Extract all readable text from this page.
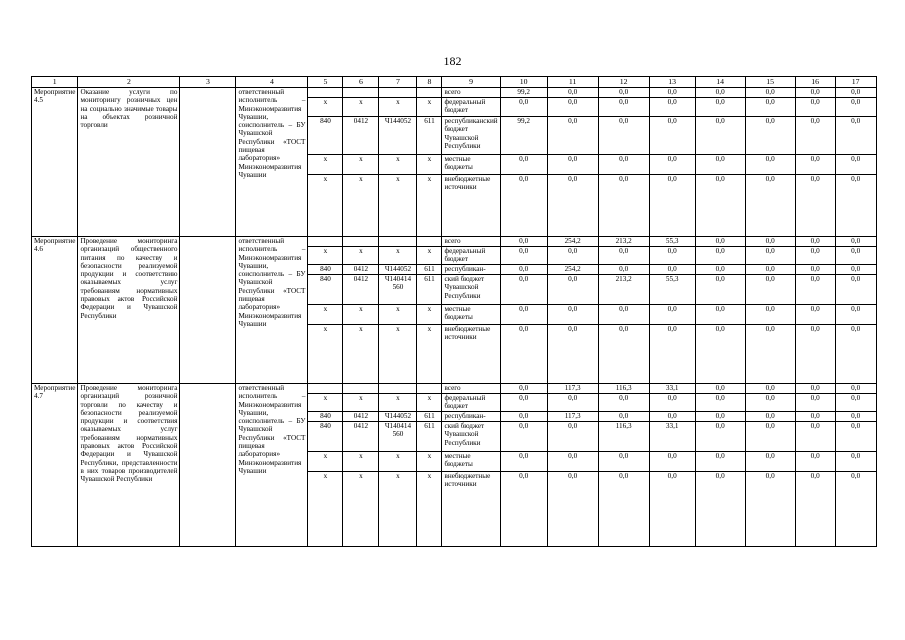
182
1	2	3	4	5	6	7	8	9	10	11	12	13	14	15	16	17
Мероприятие 4.5	Оказание услуги по мониторингу розничных цен на социально значимые товары на объектах розничной торговли		ответственный исполнитель – Минэкономразвития Чувашии, соисполнитель – БУ Чувашской Республики «ТОСТ пищевая лаборатория» Минэкономразвития Чувашии					всего	99,2	0,0	0,0	0,0	0,0	0,0	0,0	0,0
				х	х	х	х	федеральный бюджет	0,0	0,0	0,0	0,0	0,0	0,0	0,0	0,0
				840	0412	Ч144052	611	республиканский бюджет Чувашской Республики	99,2	0,0	0,0	0,0	0,0	0,0	0,0	0,0
				х	х	х	х	местные бюджеты	0,0	0,0	0,0	0,0	0,0	0,0	0,0	0,0
				х	х	х	х	внебюджетные источники	0,0	0,0	0,0	0,0	0,0	0,0	0,0	0,0
Мероприятие 4.6	Проведение мониторинга организаций общественного питания по качеству и безопасности реализуемой продукции и соответствию оказываемых услуг требованиям нормативных правовых актов Российской Федерации и Чувашской Республики		ответственный исполнитель – Минэкономразвития Чувашии, соисполнитель – БУ Чувашской Республики «ТОСТ пищевая лаборатория» Минэкономразвития Чувашии					всего	0,0	254,2	213,2	55,3	0,0	0,0	0,0	0,0
				х	х	х	х	федеральный бюджет	0,0	0,0	0,0	0,0	0,0	0,0	0,0	0,0
				840	0412	Ч144052	611	республикан-	0,0	254,2	0,0	0,0	0,0	0,0	0,0	0,0
				840	0412	Ч140414 560	611	ский бюджет Чувашской Республики	0,0	0,0	213,2	55,3	0,0	0,0	0,0	0,0
				х	х	х	х	местные бюджеты	0,0	0,0	0,0	0,0	0,0	0,0	0,0	0,0
				х	х	х	х	внебюджетные источники	0,0	0,0	0,0	0,0	0,0	0,0	0,0	0,0
Мероприятие 4.7	Проведение мониторинга организаций розничной торговли по качеству и безопасности реализуемой продукции и соответствия оказываемых услуг требованиям нормативных правовых актов Российской Федерации и Чувашской Республики, представленности в них товаров производителей Чувашской Республики		ответственный исполнитель – Минэкономразвития Чувашии, соисполнитель – БУ Чувашской Республики «ТОСТ пищевая лаборатория» Минэкономразвития Чувашии					всего	0,0	117,3	116,3	33,1	0,0	0,0	0,0	0,0
				х	х	х	х	федеральный бюджет	0,0	0,0	0,0	0,0	0,0	0,0	0,0	0,0
				840	0412	Ч144052	611	республикан-	0,0	117,3	0,0	0,0	0,0	0,0	0,0	0,0
				840	0412	Ч140414 560	611	ский бюджет Чувашской Республики	0,0	0,0	116,3	33,1	0,0	0,0	0,0	0,0
				х	х	х	х	местные бюджеты	0,0	0,0	0,0	0,0	0,0	0,0	0,0	0,0
				х	х	х	х	внебюджетные источники	0,0	0,0	0,0	0,0	0,0	0,0	0,0	0,0
